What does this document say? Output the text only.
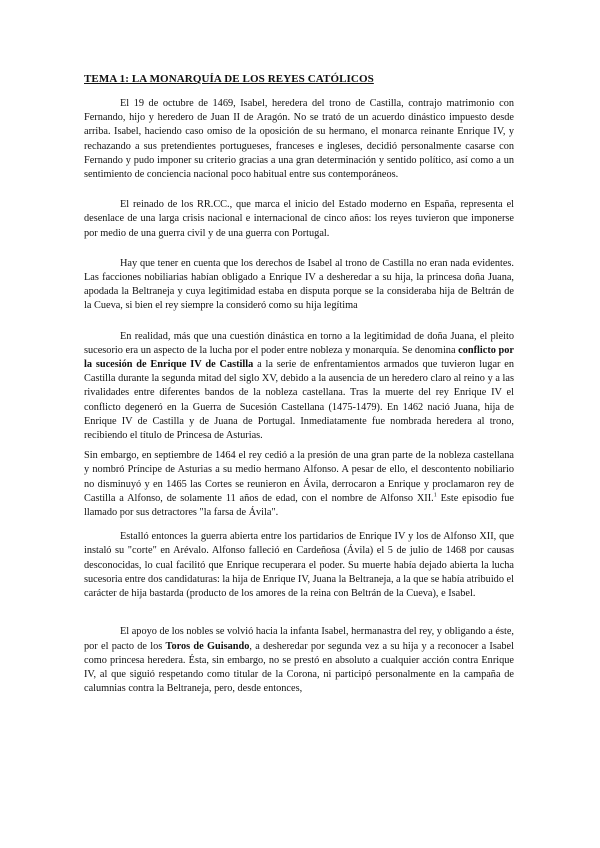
TEMA 1: LA MONARQUÍA DE LOS REYES CATÓLICOS

El 19 de octubre de 1469, Isabel, heredera del trono de Castilla, contrajo matrimonio con Fernando, hijo y heredero de Juan II de Aragón. No se trató de un acuerdo dinástico impuesto desde arriba. Isabel, haciendo caso omiso de la oposición de su hermano, el monarca reinante Enrique IV, y rechazando a sus pretendientes portugueses, franceses e ingleses, decidió personalmente casarse con Fernando y pudo imponer su criterio gracias a una gran determinación y sentido político, así como a un sentimiento de conciencia nacional poco habitual entre sus contemporáneos.

El reinado de los RR.CC., que marca el inicio del Estado moderno en España, representa el desenlace de una larga crisis nacional e internacional de cinco años: los reyes tuvieron que imponerse por medio de una guerra civil y de una guerra con Portugal.

Hay que tener en cuenta que los derechos de Isabel al trono de Castilla no eran nada evidentes. Las facciones nobiliarias habían obligado a Enrique IV a desheredar a su hija, la princesa doña Juana, apodada la Beltraneja y cuya legitimidad estaba en disputa porque se la consideraba hija de Beltrán de la Cueva, si bien el rey siempre la consideró como su hija legítima

En realidad, más que una cuestión dinástica en torno a la legitimidad de doña Juana, el pleito sucesorio era un aspecto de la lucha por el poder entre nobleza y monarquía. Se denomina conflicto por la sucesión de Enrique IV de Castilla a la serie de enfrentamientos armados que tuvieron lugar en Castilla durante la segunda mitad del siglo XV, debido a la ausencia de un heredero claro al reino y a las rivalidades entre diferentes bandos de la nobleza castellana. Tras la muerte del rey Enrique IV el conflicto degeneró en la Guerra de Sucesión Castellana (1475-1479). En 1462 nació Juana, hija de Enrique IV de Castilla y de Juana de Portugal. Inmediatamente fue nombrada heredera al trono, recibiendo el título de Princesa de Asturias.

Sin embargo, en septiembre de 1464 el rey cedió a la presión de una gran parte de la nobleza castellana y nombró Príncipe de Asturias a su medio hermano Alfonso. A pesar de ello, el descontento nobiliario no disminuyó y en 1465 las Cortes se reunieron en Ávila, derrocaron a Enrique y proclamaron rey de Castilla a Alfonso, de solamente 11 años de edad, con el nombre de Alfonso XII.$^1$ Este episodio fue llamado por sus detractores "la farsa de Ávila".

Estalló entonces la guerra abierta entre los partidarios de Enrique IV y los de Alfonso XII, que instaló su "corte" en Arévalo. Alfonso falleció en Cardeñosa (Ávila) el 5 de julio de 1468 por causas desconocidas, lo cual facilitó que Enrique recuperara el poder. Su muerte había dejado abierta la lucha sucesoria entre dos candidaturas: la hija de Enrique IV, Juana la Beltraneja, a la que se había atribuido el carácter de hija bastarda (producto de los amores de la reina con Beltrán de la Cueva), e Isabel.

El apoyo de los nobles se volvió hacia la infanta Isabel, hermanastra del rey, y obligando a éste, por el pacto de los Toros de Guisando, a desheredar por segunda vez a su hija y a reconocer a Isabel como princesa heredera. Ésta, sin embargo, no se prestó en absoluto a cualquier acción contra Enrique IV, al que siguió respetando como titular de la Corona, ni participó personalmente en la campaña de calumnias contra la Beltraneja, pero, desde entonces,
